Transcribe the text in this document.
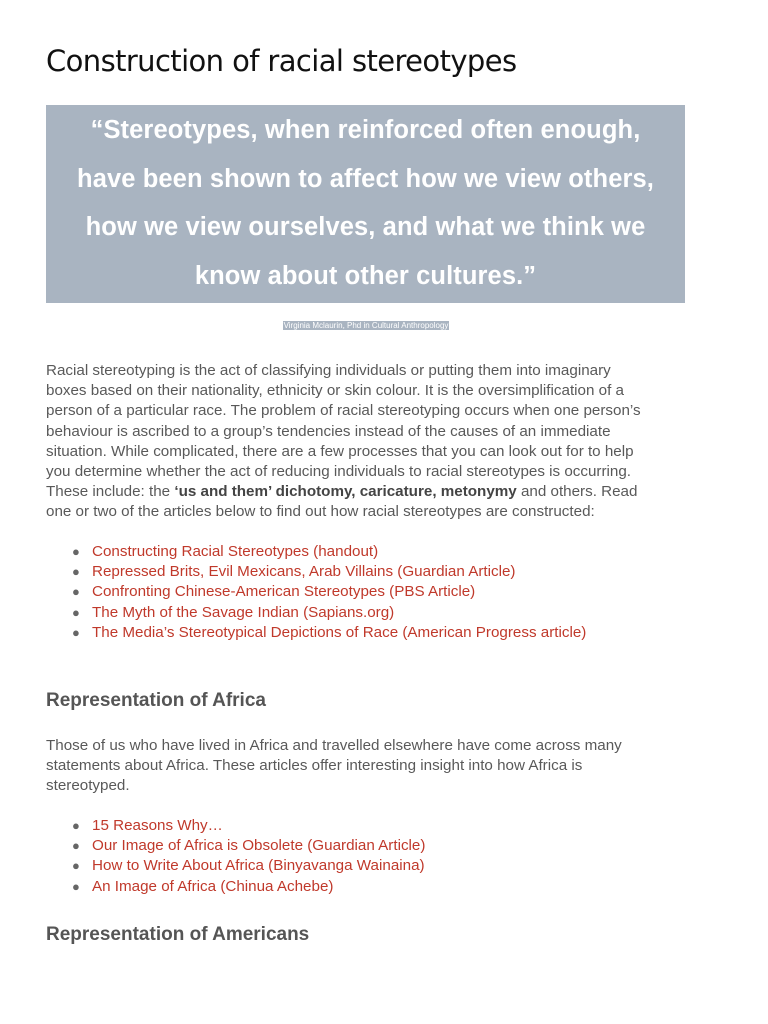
Construction of racial stereotypes
“Stereotypes, when reinforced often enough,
have been shown to affect how we view others,
how we view ourselves, and what we think we
know about other cultures.”
Virginia Mclaurin, Phd in Cultural Anthropology
Racial stereotyping is the act of classifying individuals or putting them into imaginary
boxes based on their nationality, ethnicity or skin colour. It is the oversimplification of a
person of a particular race. The problem of racial stereotyping occurs when one person’s
behaviour is ascribed to a group’s tendencies instead of the causes of an immediate
situation. While complicated, there are a few processes that you can look out for to help
you determine whether the act of reducing individuals to racial stereotypes is occurring.
These include: the ‘us and them’ dichotomy, caricature, metonymy and others. Read
one or two of the articles below to find out how racial stereotypes are constructed:
● Constructing Racial Stereotypes (handout)
● Repressed Brits, Evil Mexicans, Arab Villains (Guardian Article)
● Confronting Chinese-American Stereotypes (PBS Article)
● The Myth of the Savage Indian (Sapians.org)
● The Media’s Stereotypical Depictions of Race (American Progress article)
Representation of Africa
Those of us who have lived in Africa and travelled elsewhere have come across many
statements about Africa. These articles offer interesting insight into how Africa is
stereotyped.
● 15 Reasons Why…
● Our Image of Africa is Obsolete (Guardian Article)
● How to Write About Africa (Binyavanga Wainaina)
● An Image of Africa (Chinua Achebe)
Representation of Americans
